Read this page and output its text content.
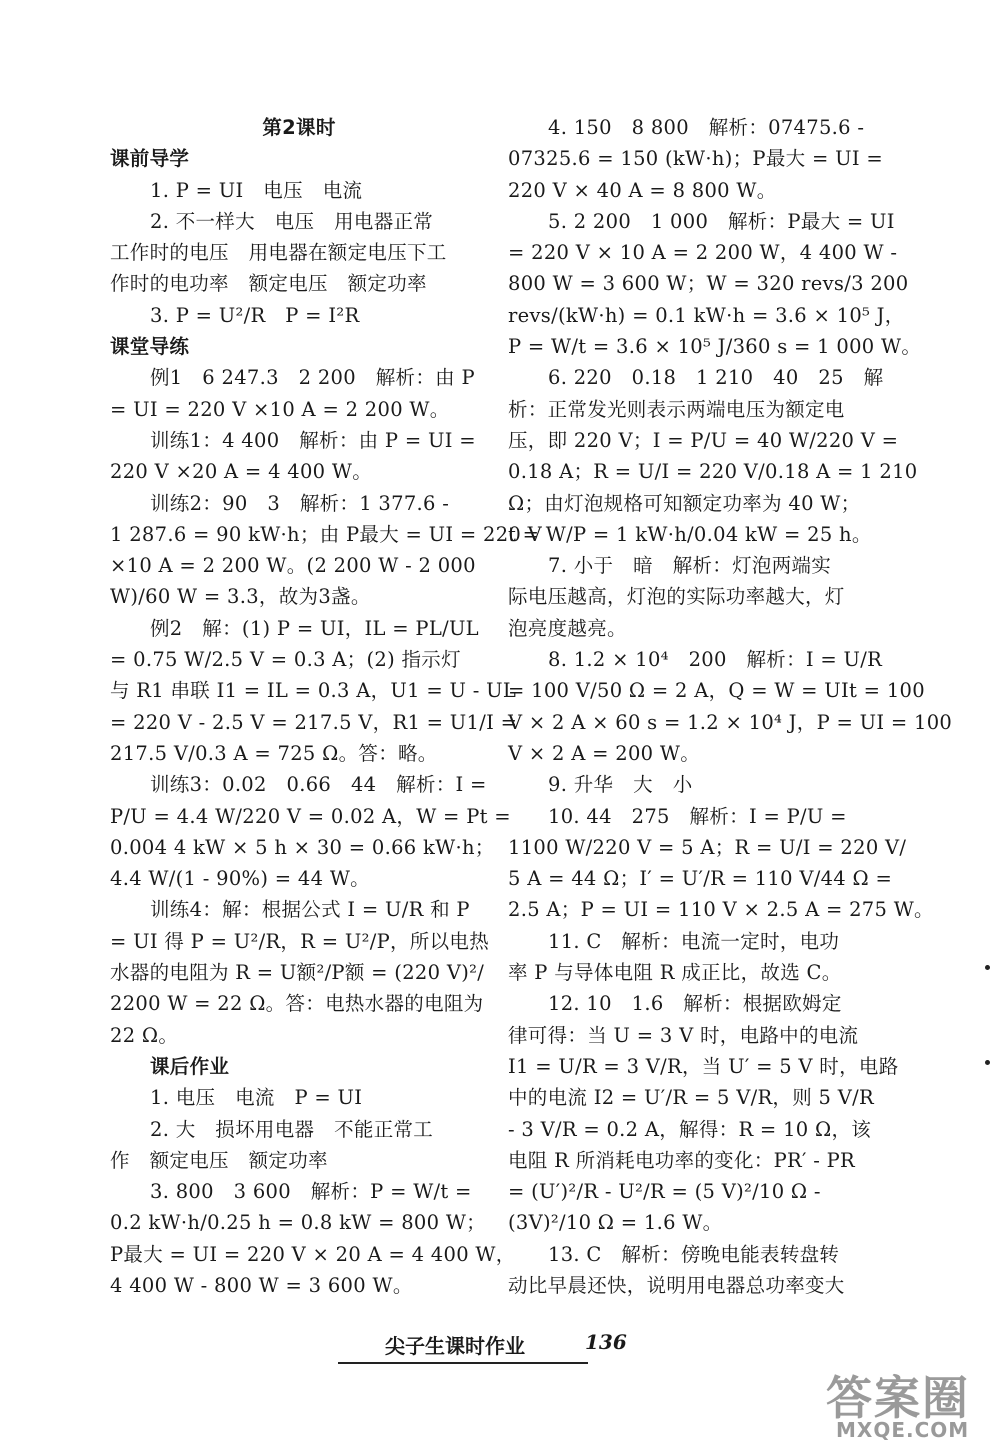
第2课时
课前导学
1. P = UI　电压　电流
2. 不一样大　电压　用电器正常
工作时的电压　用电器在额定电压下工
作时的电功率　额定电压　额定功率
3. P = U²/R　P = I²R
课堂导练
例1　6 247.3　2 200　解析：由 P
= UI = 220 V ×10 A = 2 200 W。
训练1：4 400　解析：由 P = UI =
220 V ×20 A = 4 400 W。
训练2：90　3　解析：1 377.6 -
1 287.6 = 90 kW·h；由 P最大 = UI = 220 V
×10 A = 2 200 W。(2 200 W - 2 000
W)/60 W = 3.3，故为3盏。
例2　解：(1) P = UI，IL = PL/UL
= 0.75 W/2.5 V = 0.3 A；(2) 指示灯
与 R1 串联 I1 = IL = 0.3 A，U1 = U - UL
= 220 V - 2.5 V = 217.5 V，R1 = U1/I =
217.5 V/0.3 A = 725 Ω。答：略。
训练3：0.02　0.66　44　解析：I =
P/U = 4.4 W/220 V = 0.02 A，W = Pt =
0.004 4 kW × 5 h × 30 = 0.66 kW·h；
4.4 W/(1 - 90%) = 44 W。
训练4：解：根据公式 I = U/R 和 P
= UI 得 P = U²/R，R = U²/P，所以电热
水器的电阻为 R = U额²/P额 = (220 V)²/
2200 W = 22 Ω。答：电热水器的电阻为
22 Ω。
课后作业
1. 电压　电流　P = UI
2. 大　损坏用电器　不能正常工
作　额定电压　额定功率
3. 800　3 600　解析：P = W/t =
0.2 kW·h/0.25 h = 0.8 kW = 800 W；
P最大 = UI = 220 V × 20 A = 4 400 W，
4 400 W - 800 W = 3 600 W。
4. 150　8 800　解析：07475.6 -
07325.6 = 150 (kW·h)；P最大 = UI =
220 V × 40 A = 8 800 W。
5. 2 200　1 000　解析：P最大 = UI
= 220 V × 10 A = 2 200 W，4 400 W -
800 W = 3 600 W；W = 320 revs/3 200
revs/(kW·h) = 0.1 kW·h = 3.6 × 10⁵ J，
P = W/t = 3.6 × 10⁵ J/360 s = 1 000 W。
6. 220　0.18　1 210　40　25　解
析：正常发光则表示两端电压为额定电
压，即 220 V；I = P/U = 40 W/220 V =
0.18 A；R = U/I = 220 V/0.18 A = 1 210
Ω；由灯泡规格可知额定功率为 40 W；
t = W/P = 1 kW·h/0.04 kW = 25 h。
7. 小于　暗　解析：灯泡两端实
际电压越高，灯泡的实际功率越大，灯
泡亮度越亮。
8. 1.2 × 10⁴　200　解析：I = U/R
= 100 V/50 Ω = 2 A，Q = W = UIt = 100
V × 2 A × 60 s = 1.2 × 10⁴ J，P = UI = 100
V × 2 A = 200 W。
9. 升华　大　小
10. 44　275　解析：I = P/U =
1100 W/220 V = 5 A；R = U/I = 220 V/
5 A = 44 Ω；I′ = U′/R = 110 V/44 Ω =
2.5 A；P = UI = 110 V × 2.5 A = 275 W。
11. C　解析：电流一定时，电功
率 P 与导体电阻 R 成正比，故选 C。
12. 10　1.6　解析：根据欧姆定
律可得：当 U = 3 V 时，电路中的电流
I1 = U/R = 3 V/R，当 U′ = 5 V 时，电路
中的电流 I2 = U′/R = 5 V/R，则 5 V/R
- 3 V/R = 0.2 A，解得：R = 10 Ω，该
电阻 R 所消耗电功率的变化：PR′ - PR
= (U′)²/R - U²/R = (5 V)²/10 Ω -
(3V)²/10 Ω = 1.6 W。
13. C　解析：傍晚电能表转盘转
动比早晨还快，说明用电器总功率变大
尖子生课时作业	136
答案圈
MXQE.COM
